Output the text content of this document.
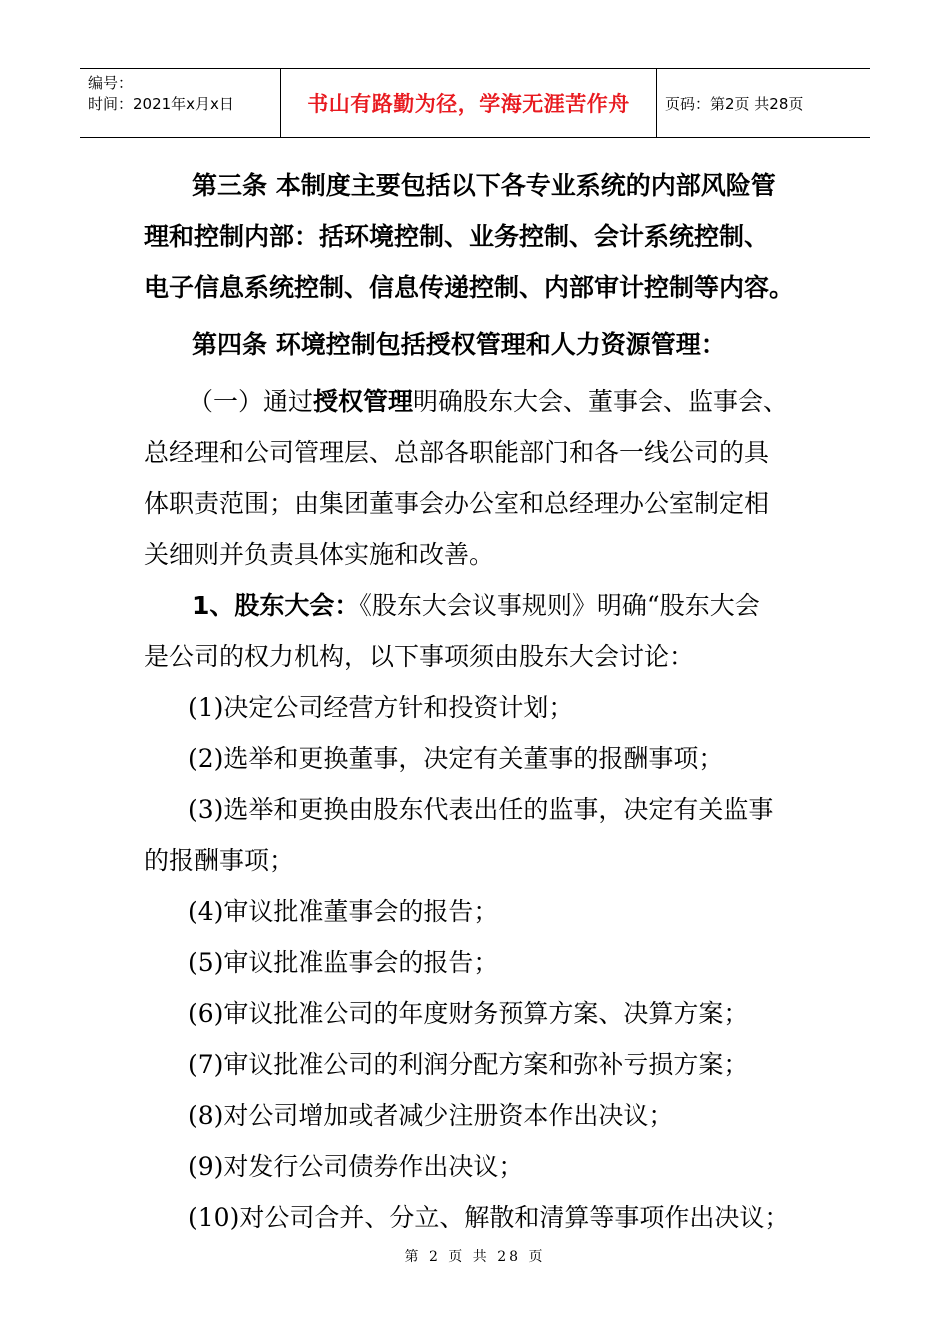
编号：
时间：2021年x月x日	书山有路勤为径，学海无涯苦作舟	页码：第2页 共28页
第三条 本制度主要包括以下各专业系统的内部风险管
理和控制内部：括环境控制、业务控制、会计系统控制、
电子信息系统控制、信息传递控制、内部审计控制等内容。
第四条 环境控制包括授权管理和人力资源管理：
（一）通过授权管理明确股东大会、董事会、监事会、
总经理和公司管理层、总部各职能部门和各一线公司的具
体职责范围；由集团董事会办公室和总经理办公室制定相
关细则并负责具体实施和改善。
1、股东大会：《股东大会议事规则》明确“股东大会
是公司的权力机构，以下事项须由股东大会讨论：
(1)决定公司经营方针和投资计划；
(2)选举和更换董事，决定有关董事的报酬事项；
(3)选举和更换由股东代表出任的监事，决定有关监事
的报酬事项；
(4)审议批准董事会的报告；
(5)审议批准监事会的报告；
(6)审议批准公司的年度财务预算方案、决算方案；
(7)审议批准公司的利润分配方案和弥补亏损方案；
(8)对公司增加或者减少注册资本作出决议；
(9)对发行公司债券作出决议；
(10)对公司合并、分立、解散和清算等事项作出决议；
第 2 页 共 28 页
